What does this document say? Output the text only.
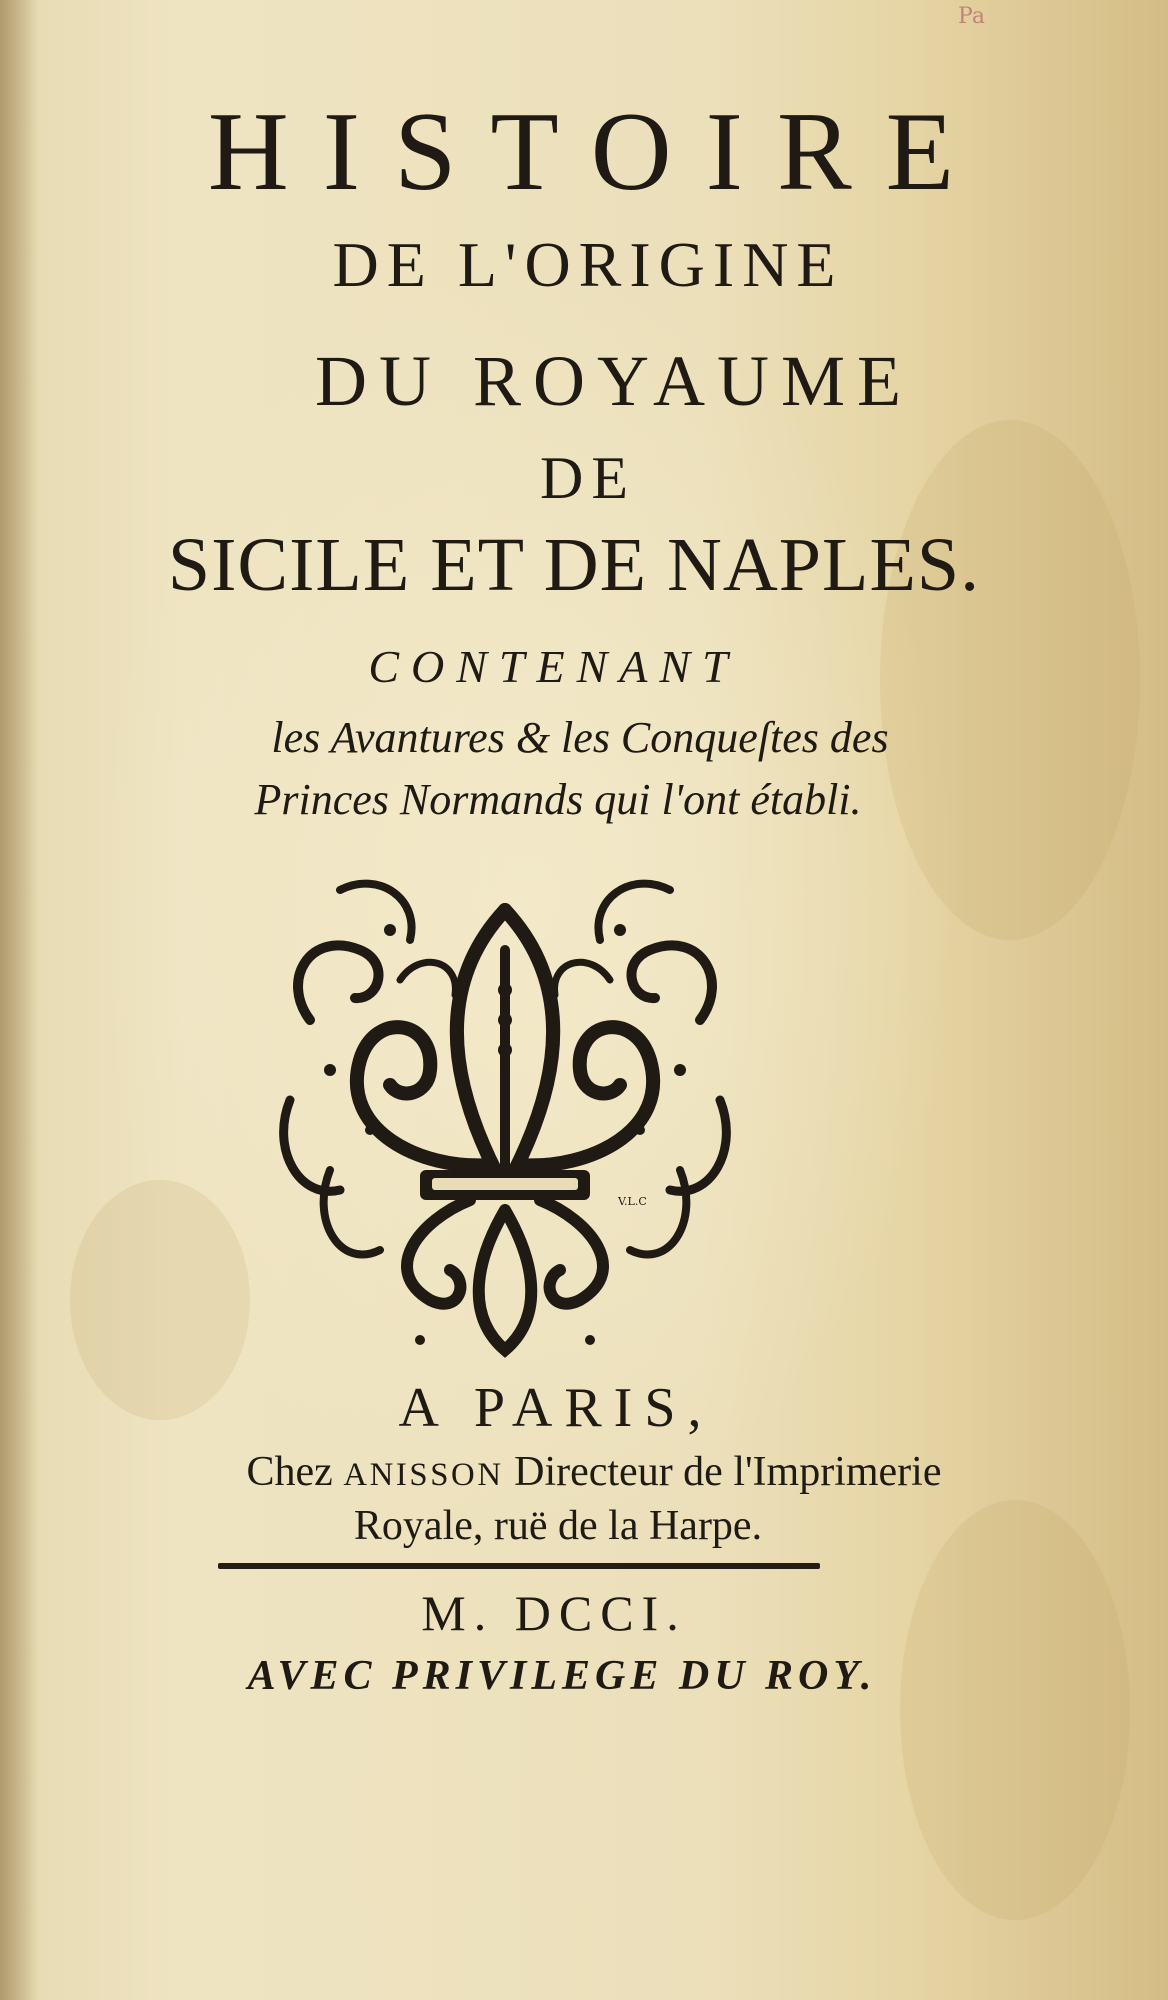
Pa
HISTOIRE
DE L'ORIGINE
DU ROYAUME
DE
SICILE ET DE NAPLES.
CONTENANT
les Avantures & les Conqueſtes des
Princes Normands qui l'ont établi.
V.L.C
A PARIS,
Chez ANISSON Directeur de l'Imprimerie
Royale, ruë de la Harpe.
M. DCCI.
AVEC PRIVILEGE DU ROY.
